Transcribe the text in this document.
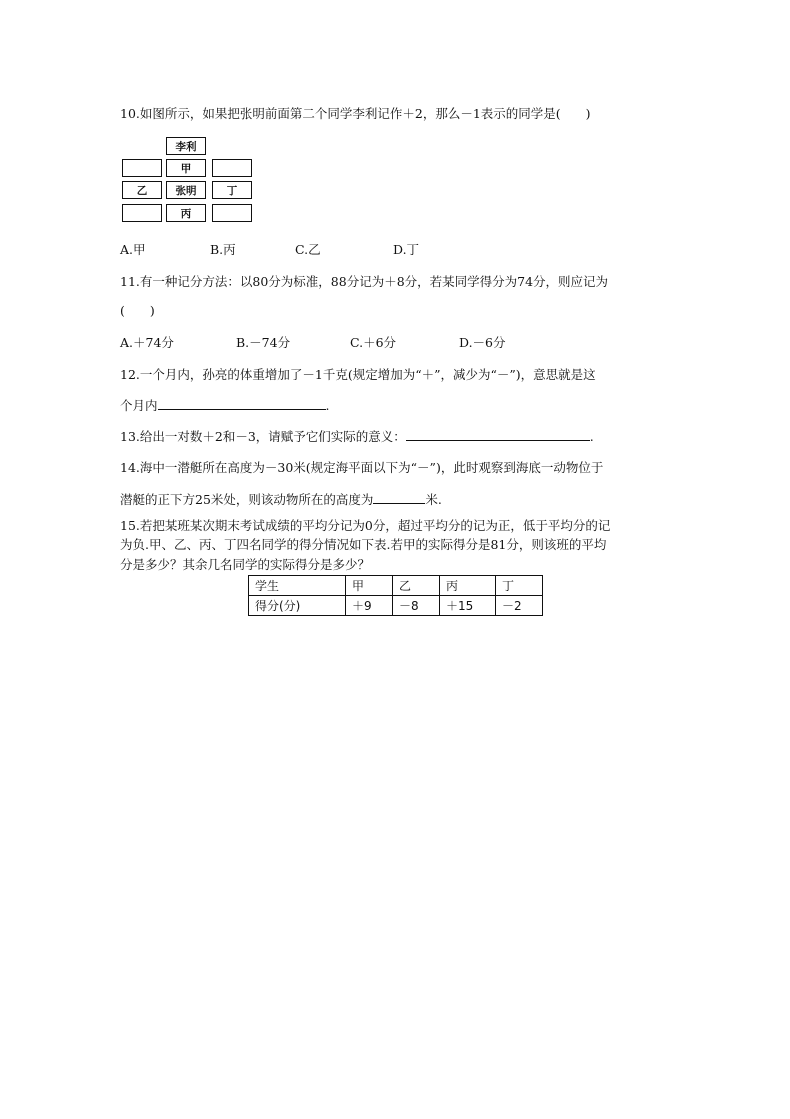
10.如图所示，如果把张明前面第二个同学李利记作＋2，那么－1表示的同学是(　　)
李利
甲
乙	张明	丁
丙
A.甲	B.丙	C.乙	D.丁
11.有一种记分方法：以80分为标准，88分记为＋8分，若某同学得分为74分，则应记为
(　　)
A.＋74分	B.－74分	C.＋6分	D.－6分
12.一个月内，孙亮的体重增加了－1千克(规定增加为“＋”，减少为“－”)，意思就是这
个月内	.
13.给出一对数＋2和－3，请赋予它们实际的意义：	.
14.海中一潜艇所在高度为－30米(规定海平面以下为“－”)，此时观察到海底一动物位于
潜艇的正下方25米处，则该动物所在的高度为	米.
15.若把某班某次期末考试成绩的平均分记为0分，超过平均分的记为正，低于平均分的记
为负.甲、乙、丙、丁四名同学的得分情况如下表.若甲的实际得分是81分，则该班的平均
分是多少？其余几名同学的实际得分是多少？
学生	甲	乙	丙	丁
得分(分)	＋9	－8	＋15	－2
